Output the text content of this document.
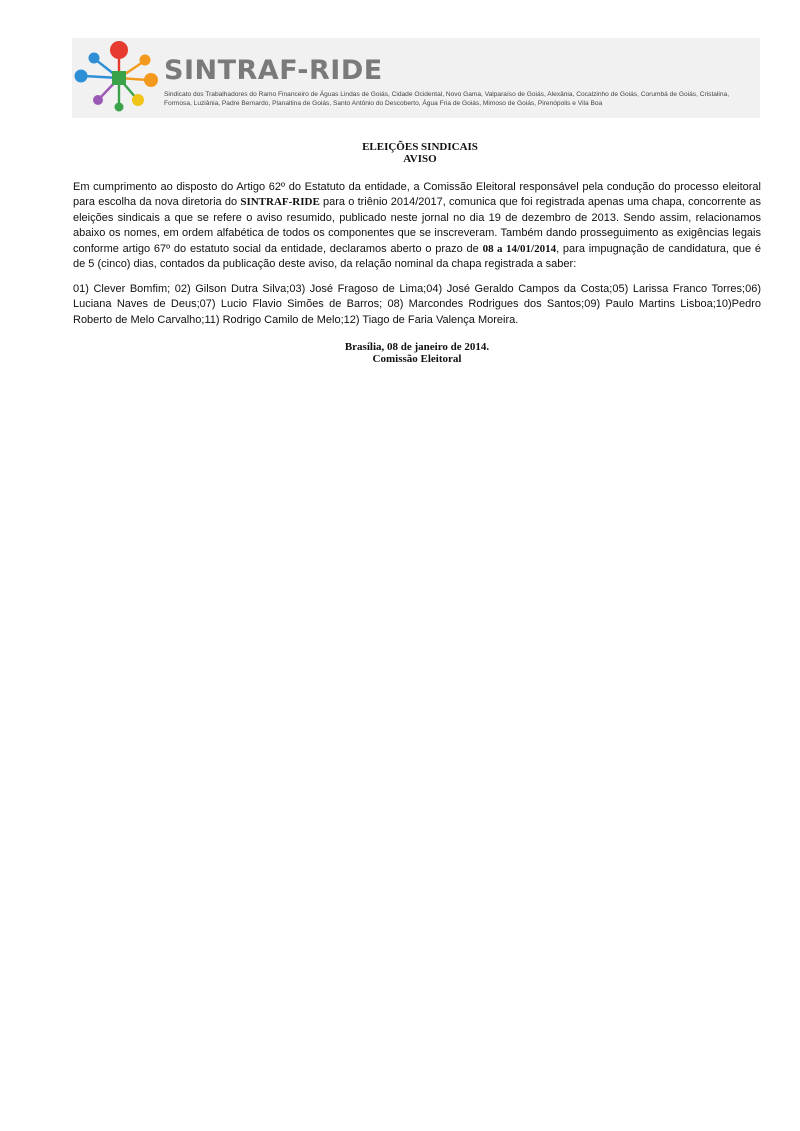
SINTRAF-RIDE
Sindicato dos Trabalhadores do Ramo Financeiro de Águas Lindas de Goiás, Cidade Ocidental, Novo Gama, Valparaíso de Goiás, Alexânia, Cocalzinho de Goiás, Corumbá de Goiás, Cristalina, Formosa, Luziânia, Padre Bernardo, Planaltina de Goiás, Santo Antônio do Descoberto, Água Fria de Goiás, Mimoso de Goiás, Pirenópolis e Vila Boa
ELEIÇÕES SINDICAIS
AVISO

Em cumprimento ao disposto do Artigo 62º do Estatuto da entidade, a Comissão Eleitoral responsável pela condução do processo eleitoral para escolha da nova diretoria do SINTRAF-RIDE para o triênio 2014/2017, comunica que foi registrada apenas uma chapa, concorrente as eleições sindicais a que se refere o aviso resumido, publicado neste jornal no dia 19 de dezembro de 2013. Sendo assim, relacionamos abaixo os nomes, em ordem alfabética de todos os componentes que se inscreveram. Também dando prosseguimento as exigências legais conforme artigo 67º do estatuto social da entidade, declaramos aberto o prazo de 08 a 14/01/2014, para impugnação de candidatura, que é de 5 (cinco) dias, contados da publicação deste aviso, da relação nominal da chapa registrada a saber:

01) Clever Bomfim; 02) Gilson Dutra Silva;03) José Fragoso de Lima;04) José Geraldo Campos da Costa;05) Larissa Franco Torres;06) Luciana Naves de Deus;07) Lucio Flavio Simões de Barros; 08) Marcondes Rodrigues dos Santos;09) Paulo Martins Lisboa;10)Pedro Roberto de Melo Carvalho;11) Rodrigo Camilo de Melo;12) Tiago de Faria Valença Moreira.

Brasília, 08 de janeiro de 2014.
Comissão Eleitoral
